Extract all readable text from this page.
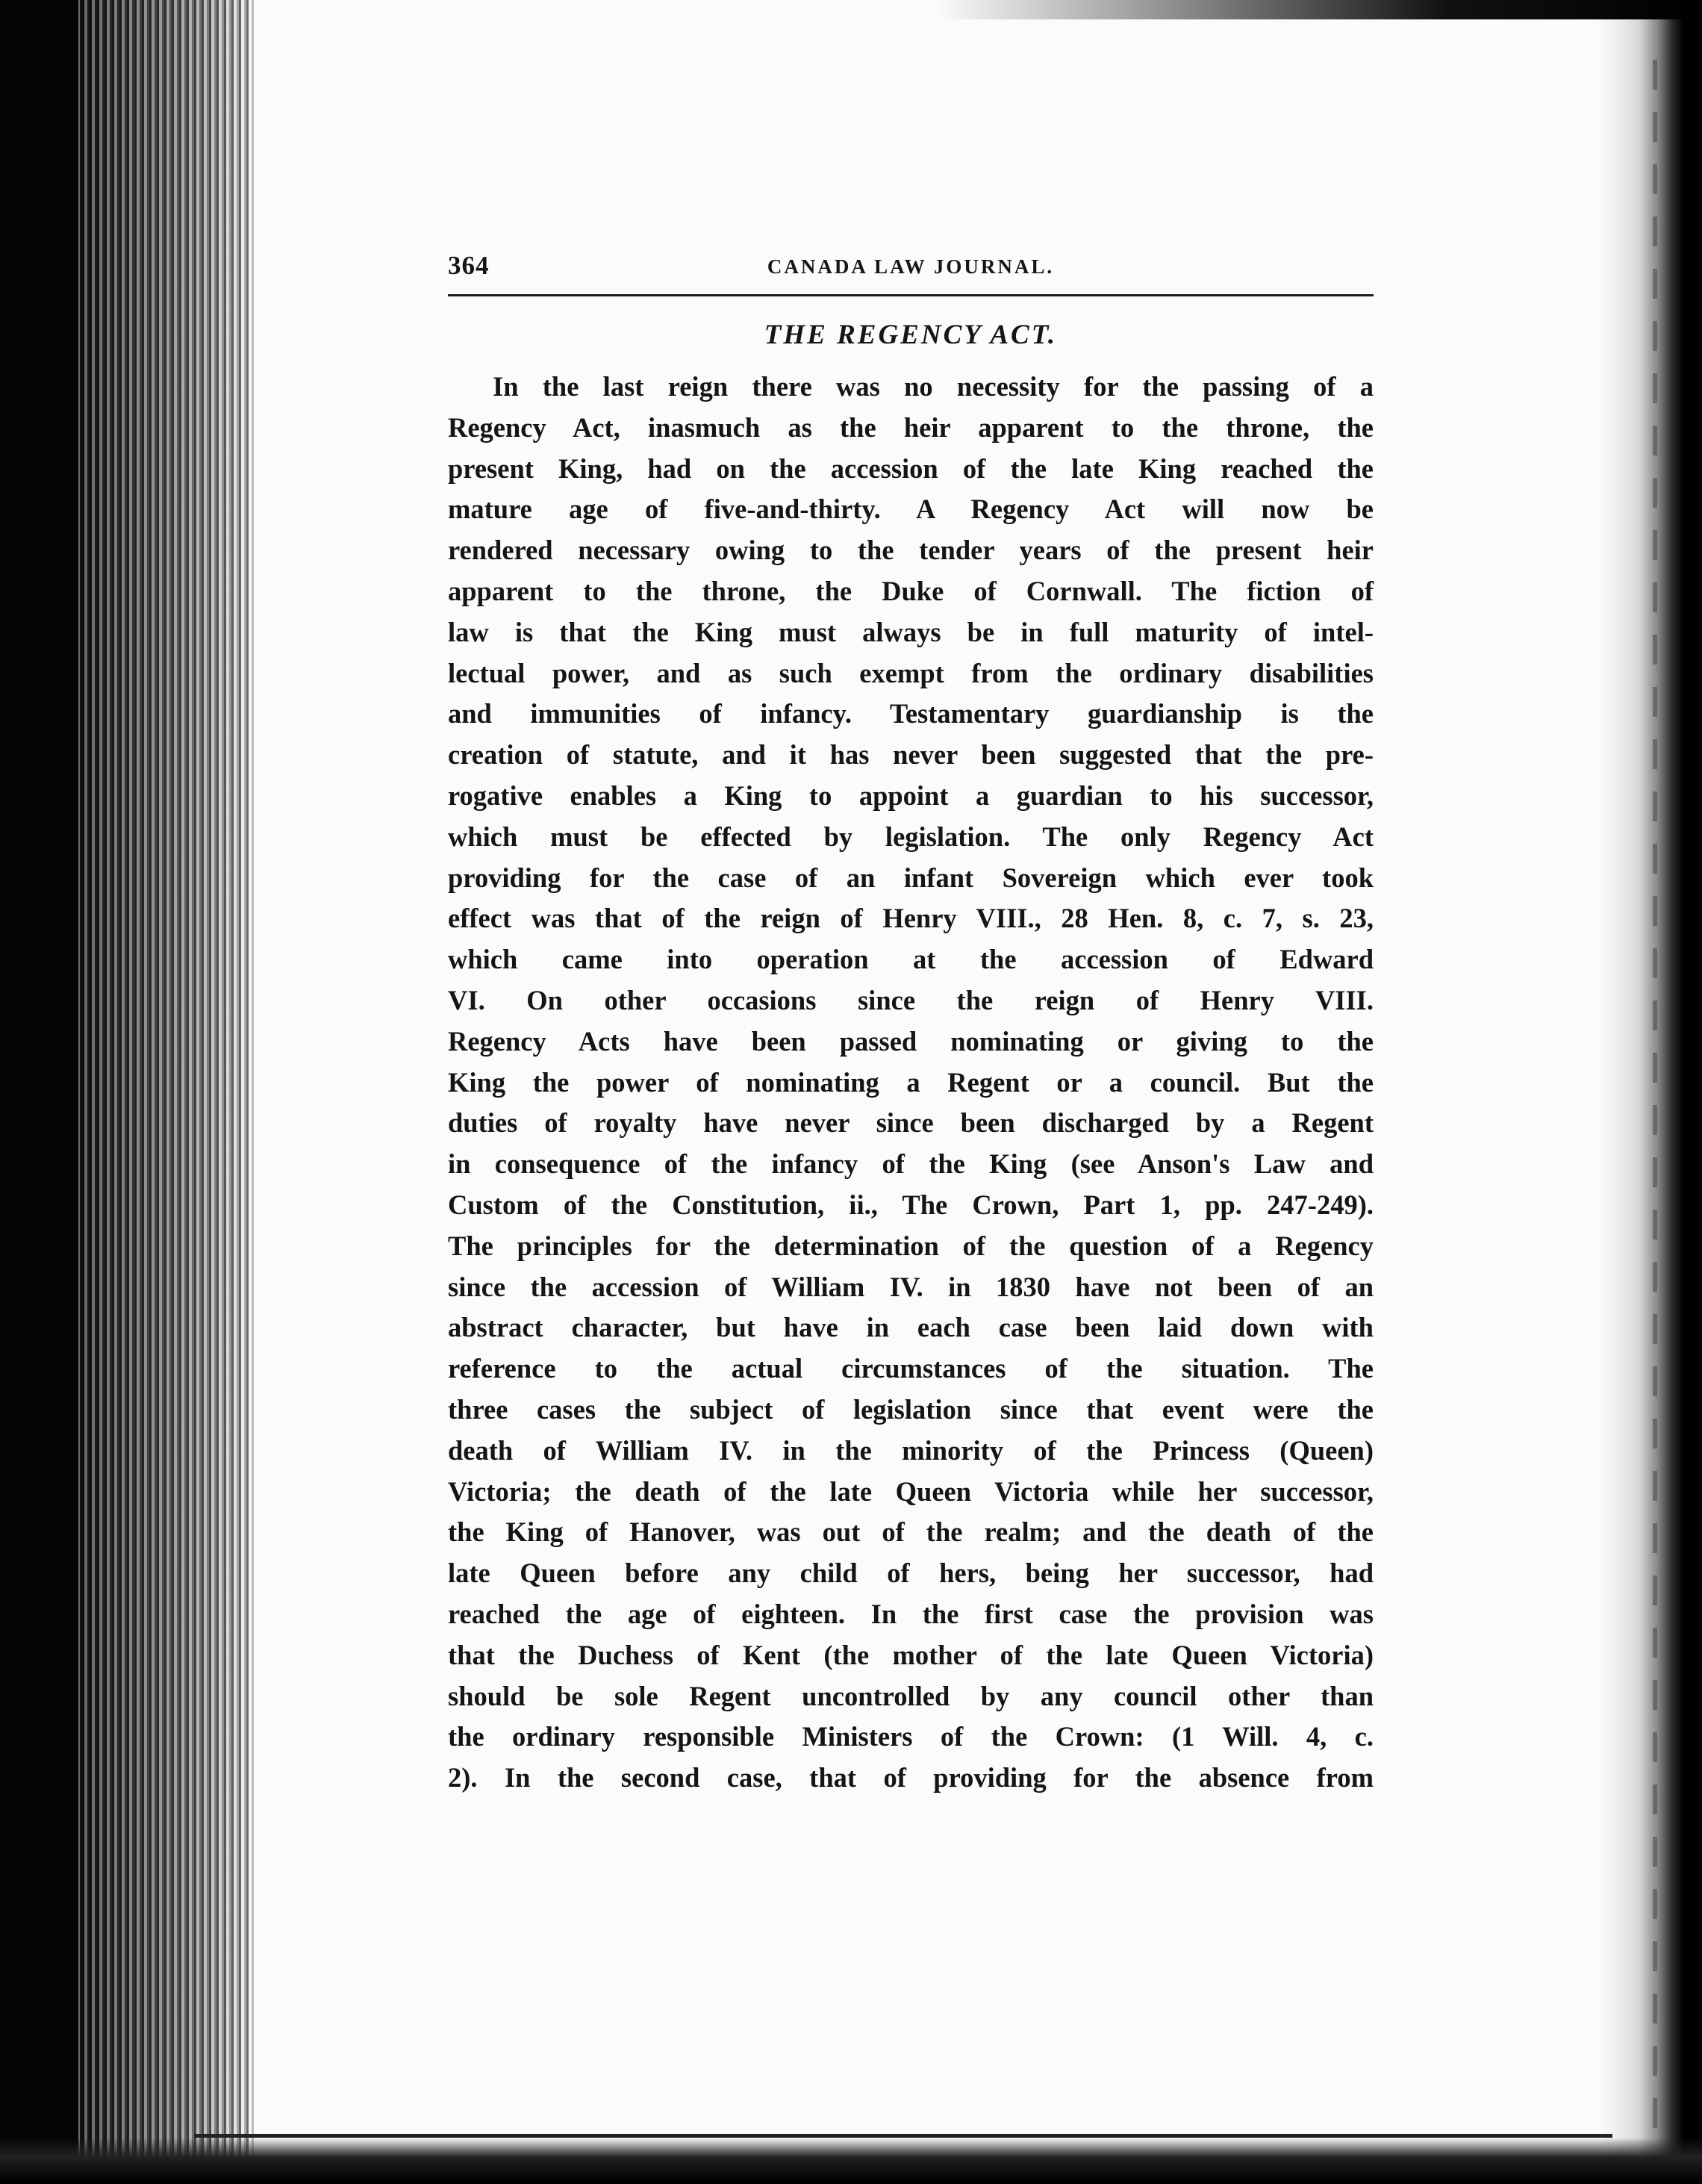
364	CANADA LAW JOURNAL.
THE REGENCY ACT.
In the last reign there was no necessity for the passing of a
Regency Act, inasmuch as the heir apparent to the throne, the
present King, had on the accession of the late King reached the
mature age of five-and-thirty. A Regency Act will now be
rendered necessary owing to the tender years of the present heir
apparent to the throne, the Duke of Cornwall. The fiction of
law is that the King must always be in full maturity of intel-
lectual power, and as such exempt from the ordinary disabilities
and immunities of infancy. Testamentary guardianship is the
creation of statute, and it has never been suggested that the pre-
rogative enables a King to appoint a guardian to his successor,
which must be effected by legislation. The only Regency Act
providing for the case of an infant Sovereign which ever took
effect was that of the reign of Henry VIII., 28 Hen. 8, c. 7, s. 23,
which came into operation at the accession of Edward
VI. On other occasions since the reign of Henry VIII.
Regency Acts have been passed nominating or giving to the
King the power of nominating a Regent or a council. But the
duties of royalty have never since been discharged by a Regent
in consequence of the infancy of the King (see Anson's Law and
Custom of the Constitution, ii., The Crown, Part 1, pp. 247-249).
The principles for the determination of the question of a Regency
since the accession of William IV. in 1830 have not been of an
abstract character, but have in each case been laid down with
reference to the actual circumstances of the situation. The
three cases the subject of legislation since that event were the
death of William IV. in the minority of the Princess (Queen)
Victoria; the death of the late Queen Victoria while her successor,
the King of Hanover, was out of the realm; and the death of the
late Queen before any child of hers, being her successor, had
reached the age of eighteen. In the first case the provision was
that the Duchess of Kent (the mother of the late Queen Victoria)
should be sole Regent uncontrolled by any council other than
the ordinary responsible Ministers of the Crown: (1 Will. 4, c.
2). In the second case, that of providing for the absence from
